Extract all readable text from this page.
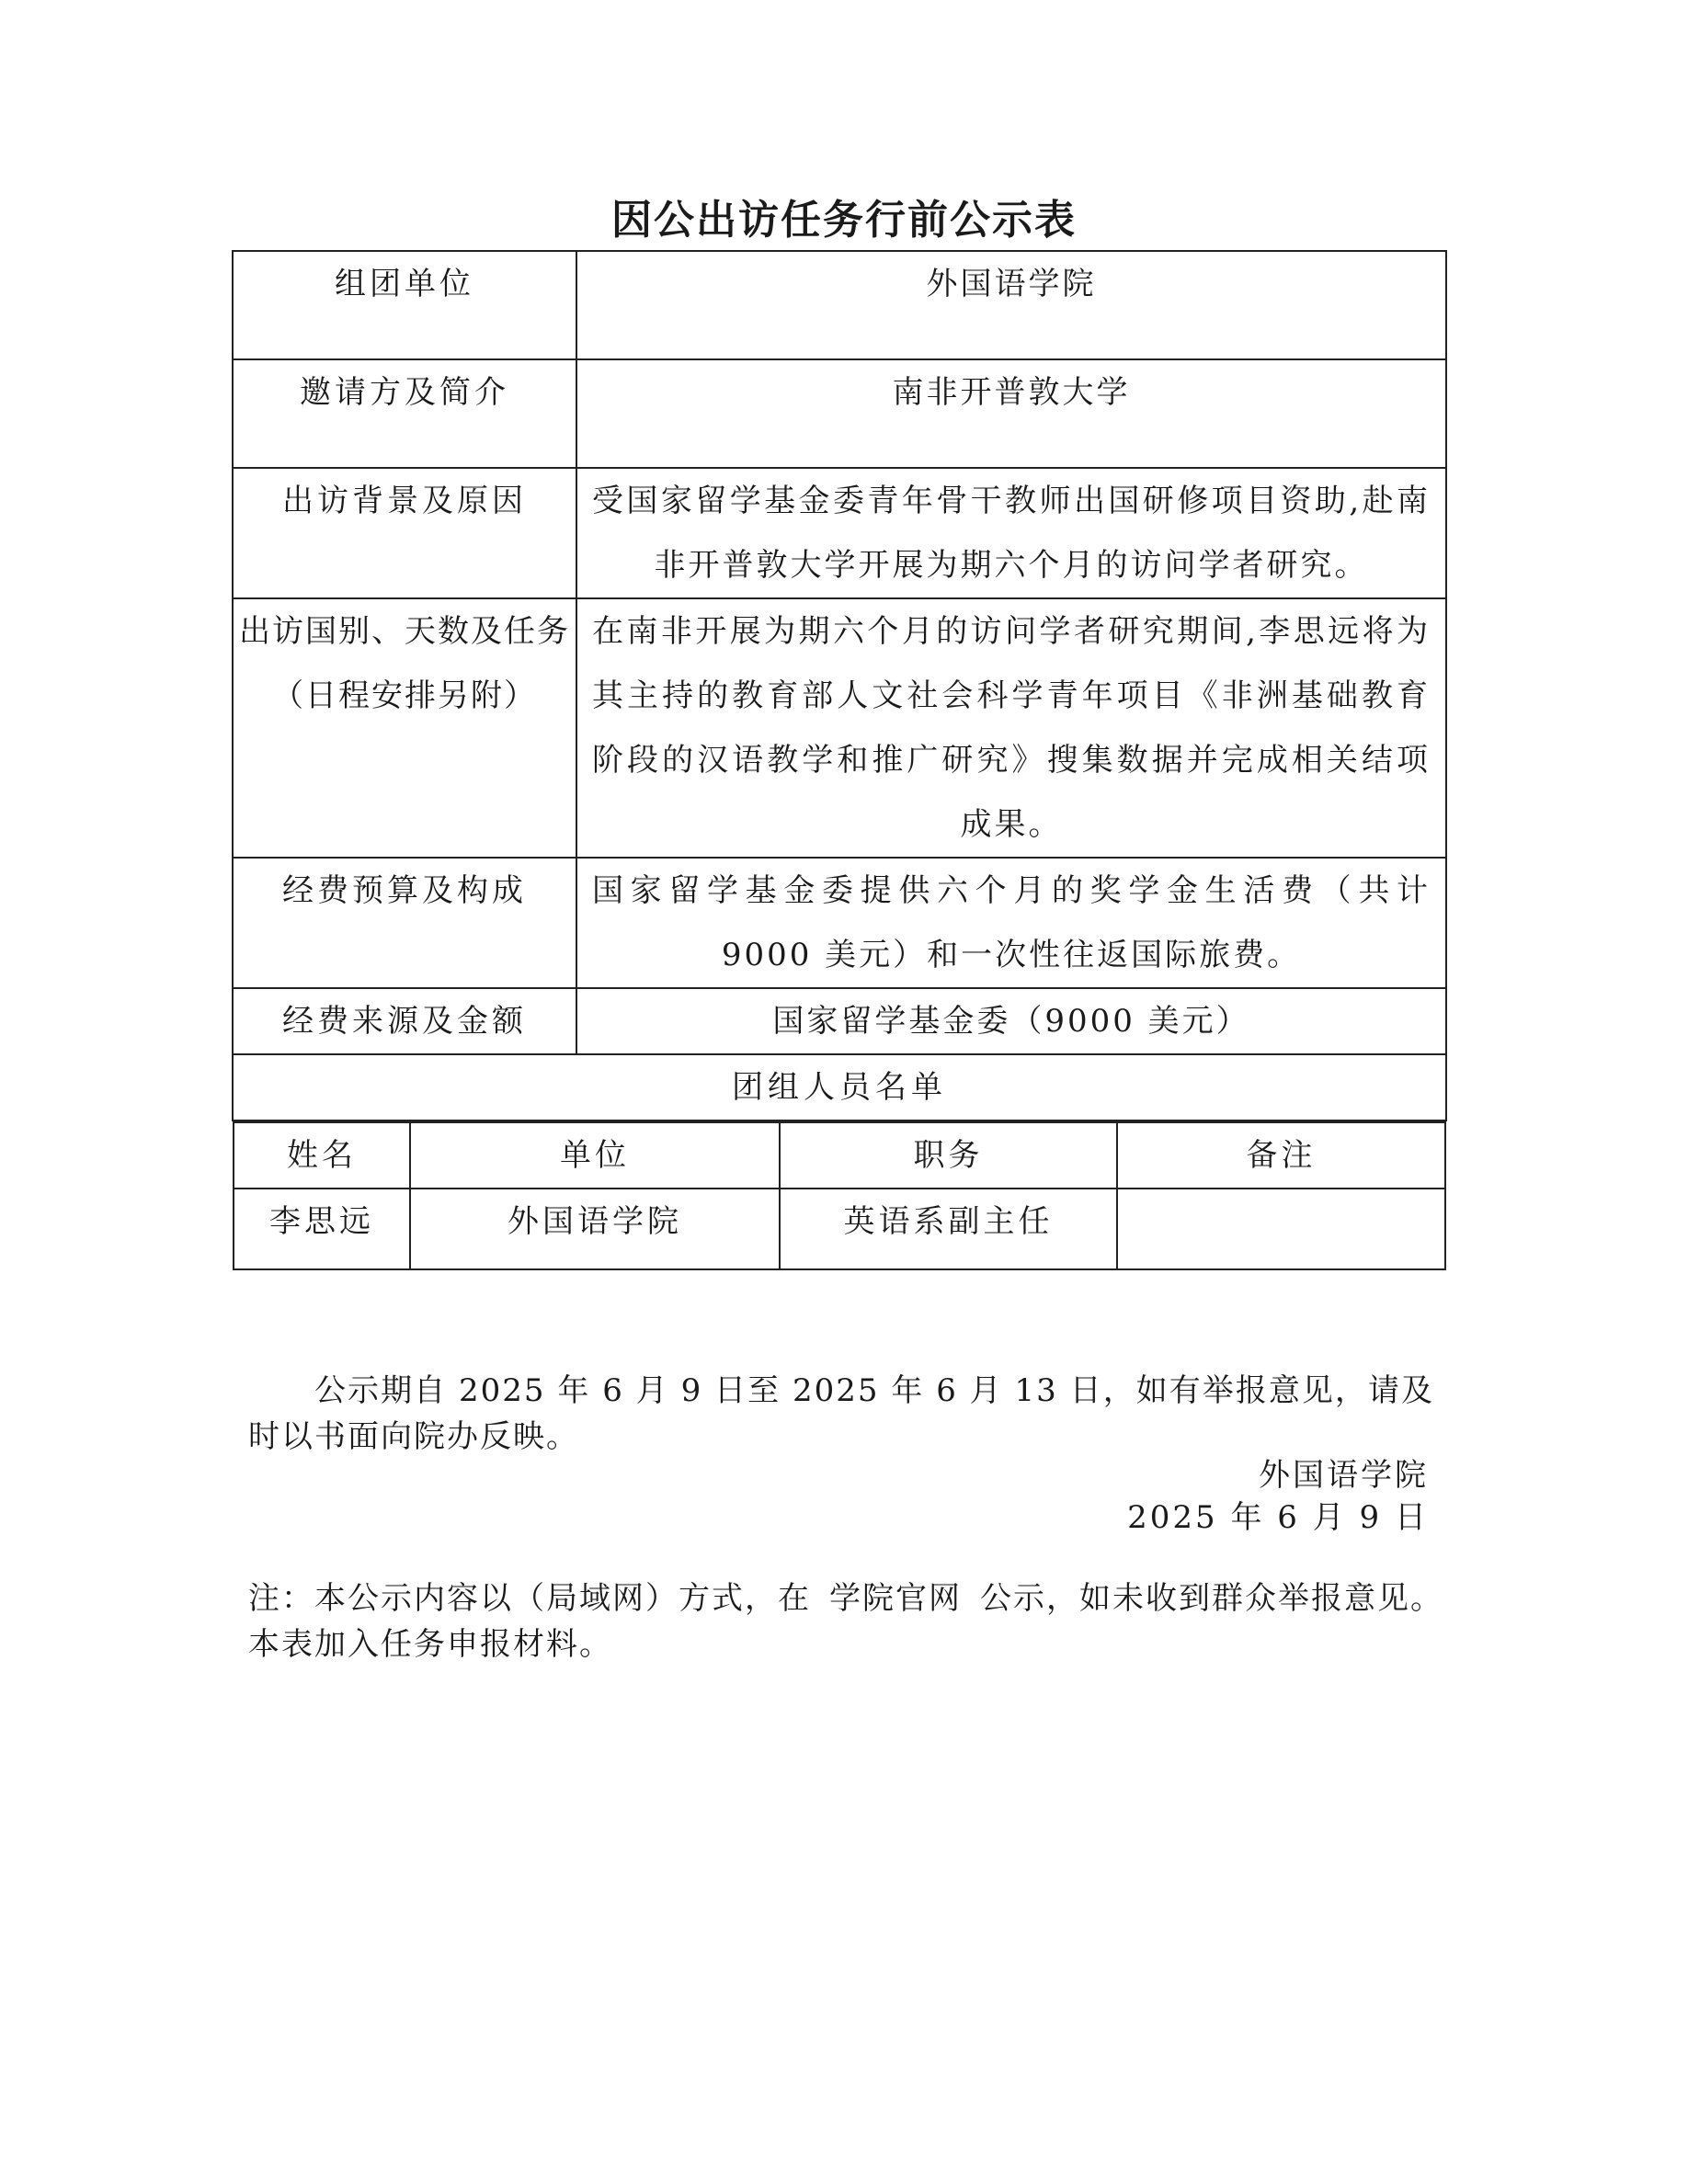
因公出访任务行前公示表
组团单位	外国语学院
邀请方及简介	南非开普敦大学
出访背景及原因	受国家留学基金委青年骨干教师出国研修项目资助,赴南非开普敦大学开展为期六个月的访问学者研究。

出访国别、天数及任务
（日程安排另附）
	在南非开展为期六个月的访问学者研究期间,李思远将为其主持的教育部人文社会科学青年项目《非洲基础教育阶段的汉语教学和推广研究》搜集数据并完成相关结项成果。
经费预算及构成	国家留学基金委提供六个月的奖学金生活费（共计 9000 美元）和一次性往返国际旅费。
经费来源及金额	国家留学基金委（9000 美元）
团组人员名单

姓名	单位	职务	备注
李思远	外国语学院	英语系副主任	
公示期自 2025 年 6 月 9 日至 2025 年 6 月 13 日，如有举报意见，请及时以书面向院办反映。
外国语学院
2025 年 6 月 9 日
注：本公示内容以（局域网）方式，在 学院官网 公示，如未收到群众举报意见。
本表加入任务申报材料。
